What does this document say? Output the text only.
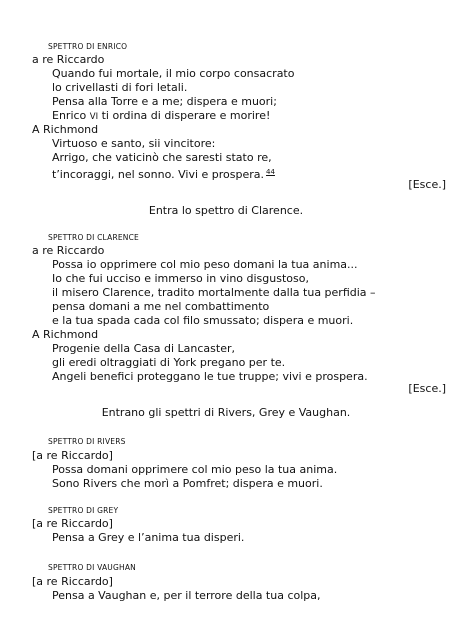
SPETTRO DI ENRICO
a re Riccardo
Quando fui mortale, il mio corpo consacrato
lo crivellasti di fori letali.
Pensa alla Torre e a me; dispera e muori;
Enrico VI ti ordina di disperare e morire!
A Richmond
Virtuoso e santo, sii vincitore:
Arrigo, che vaticinò che saresti stato re,
t’incoraggi, nel sonno. Vivi e prospera. $^{44}$
[Esce.]
Entra lo spettro di Clarence.
SPETTRO DI CLARENCE
a re Riccardo
Possa io opprimere col mio peso domani la tua anima...
Io che fui ucciso e immerso in vino disgustoso,
il misero Clarence, tradito mortalmente dalla tua perfidia –
pensa domani a me nel combattimento
e la tua spada cada col filo smussato; dispera e muori.
A Richmond
Progenie della Casa di Lancaster,
gli eredi oltraggiati di York pregano per te.
Angeli benefici proteggano le tue truppe; vivi e prospera.
[Esce.]
Entrano gli spettri di Rivers, Grey e Vaughan.
SPETTRO DI RIVERS
[a re Riccardo]
Possa domani opprimere col mio peso la tua anima.
Sono Rivers che morì a Pomfret; dispera e muori.
SPETTRO DI GREY
[a re Riccardo]
Pensa a Grey e l’anima tua disperi.
SPETTRO DI VAUGHAN
[a re Riccardo]
Pensa a Vaughan e, per il terrore della tua colpa,
